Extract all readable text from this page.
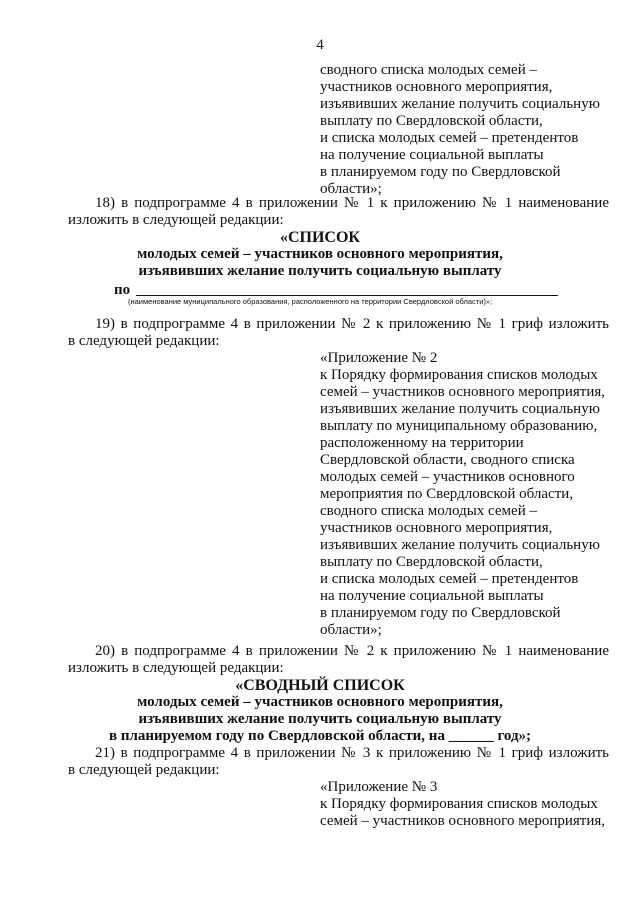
4
сводного списка молодых семей –
участников основного мероприятия,
изъявивших желание получить социальную
выплату по Свердловской области,
и списка молодых семей – претендентов
на получение социальной выплаты
в планируемом году по Свердловской
области»;
18) в подпрограмме 4 в приложении № 1 к приложению № 1 наименование
изложить в следующей редакции:
«СПИСОК
молодых семей – участников основного мероприятия,
изъявивших желание получить социальную выплату
по
(наименование муниципального образования, расположенного на территории Свердловской области)»;
19) в подпрограмме 4 в приложении № 2 к приложению № 1 гриф изложить
в следующей редакции:
«Приложение № 2
к Порядку формирования списков молодых
семей – участников основного мероприятия,
изъявивших желание получить социальную
выплату по муниципальному образованию,
расположенному на территории
Свердловской области, сводного списка
молодых семей – участников основного
мероприятия по Свердловской области,
сводного списка молодых семей –
участников основного мероприятия,
изъявивших желание получить социальную
выплату по Свердловской области,
и списка молодых семей – претендентов
на получение социальной выплаты
в планируемом году по Свердловской
области»;
20) в подпрограмме 4 в приложении № 2 к приложению № 1 наименование
изложить в следующей редакции:
«СВОДНЫЙ СПИСОК
молодых семей – участников основного мероприятия,
изъявивших желание получить социальную выплату
в планируемом году по Свердловской области, на ______ год»;
21) в подпрограмме 4 в приложении № 3 к приложению № 1 гриф изложить
в следующей редакции:
«Приложение № 3
к Порядку формирования списков молодых
семей – участников основного мероприятия,
